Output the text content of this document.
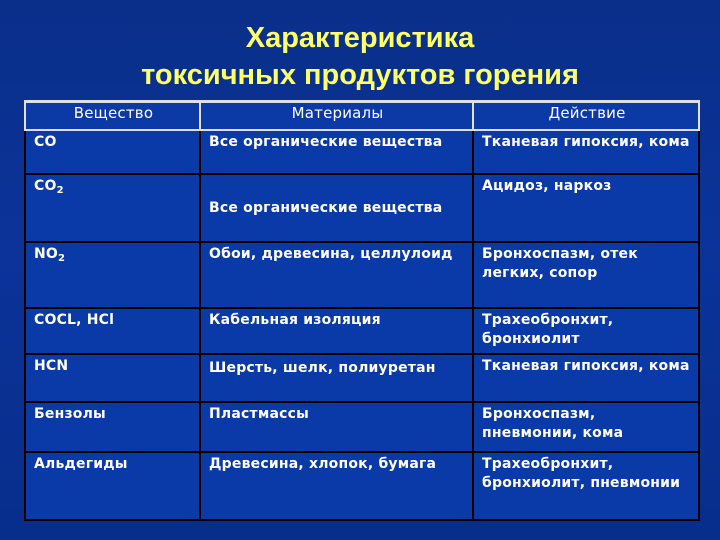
Характеристика
токсичных продуктов горения
Вещество	Материалы	Действие
CO	Все органические вещества	Тканевая гипоксия, кома
$CO_2$	Все органические вещества	Ацидоз, наркоз
$NO_2$	Обои, древесина, целлулоид	Бронхоспазм, отек легких, сопор
COCL, HCl	Кабельная изоляция	Трахеобронхит, бронхиолит
HCN	Шерсть, шелк, полиуретан	Тканевая гипоксия, кома
Бензолы	Пластмассы	Бронхоспазм, пневмонии, кома
Альдегиды	Древесина, хлопок, бумага	Трахеобронхит, бронхиолит, пневмонии
